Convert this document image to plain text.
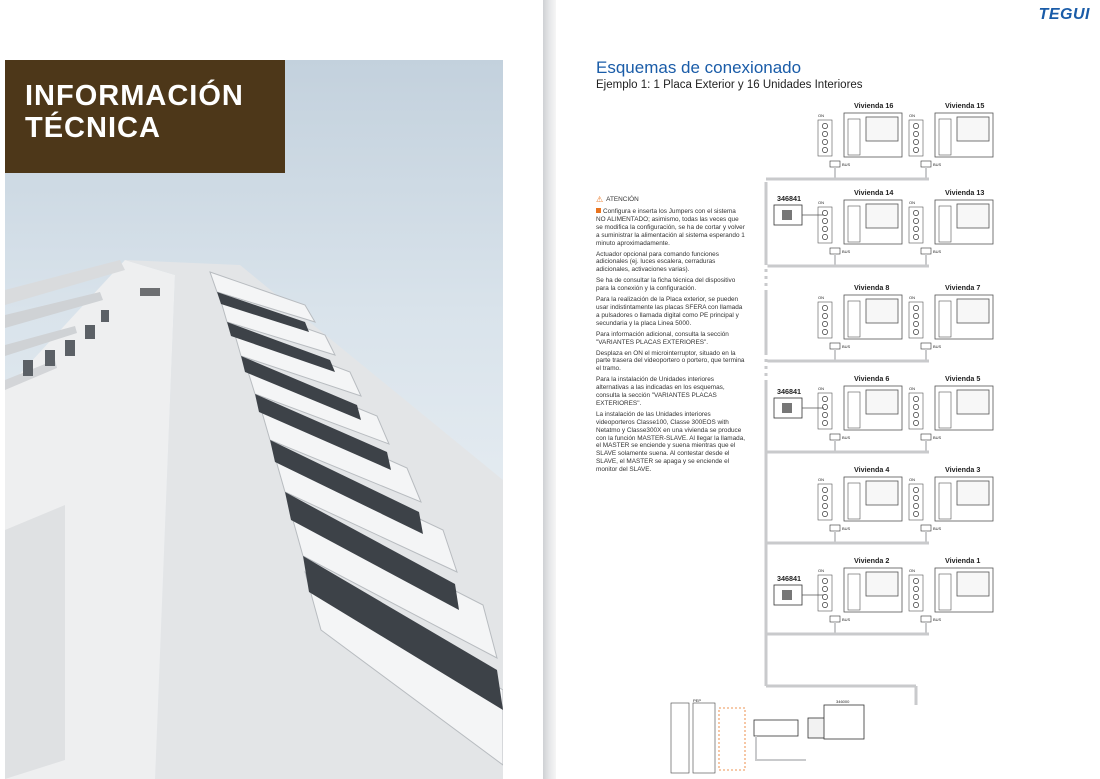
INFORMACIÓN
TÉCNICA
TEGUI
Esquemas de conexionado
Ejemplo 1: 1 Placa Exterior y 16 Unidades Interiores
⚠ ATENCIÓN

Configura e inserta los Jumpers con el sistema NO ALIMENTADO; asimismo, todas las veces que se modifica la configuración, se ha de cortar y volver a suministrar la alimentación al sistema esperando 1 minuto aproximadamente.

Actuador opcional para comando funciones adicionales (ej. luces escalera, cerraduras adicionales, activaciones varias).

Se ha de consultar la ficha técnica del dispositivo para la conexión y la configuración.

Para la realización de la Placa exterior, se pueden usar indistintamente las placas SFERA con llamada a pulsadores o llamada digital como PE principal y secundaria y la placa Linea 5000.

Para información adicional, consulta la sección "VARIANTES PLACAS EXTERIORES".

Desplaza en ON el microinterruptor, situado en la parte trasera del videoportero o portero, que termina el tramo.

Para la instalación de Unidades interiores alternativas a las indicadas en los esquemas, consulta la sección "VARIANTES PLACAS EXTERIORES".

La instalación de las Unidades interiores videoporteros Classe100, Classe 300EOS with Netatmo y Classe300X en una vivienda se produce con la función MASTER-SLAVE. Al llegar la llamada, el MASTER se enciende y suena mientras que el SLAVE solamente suena. Al contestar desde el SLAVE, el MASTER se apaga y se enciende el monitor del SLAVE.

ON
BUS
Vivienda 16
ON
BUS
Vivienda 15
ON
BUS
Vivienda 14
ON
BUS
Vivienda 13
ON
BUS
Vivienda 8
ON
BUS
Vivienda 7
ON
BUS
Vivienda 6
ON
BUS
Vivienda 5
ON
BUS
Vivienda 4
ON
BUS
Vivienda 3
ON
BUS
Vivienda 2
ON
BUS
Vivienda 1
346841
346841
346841
PEP	346000
